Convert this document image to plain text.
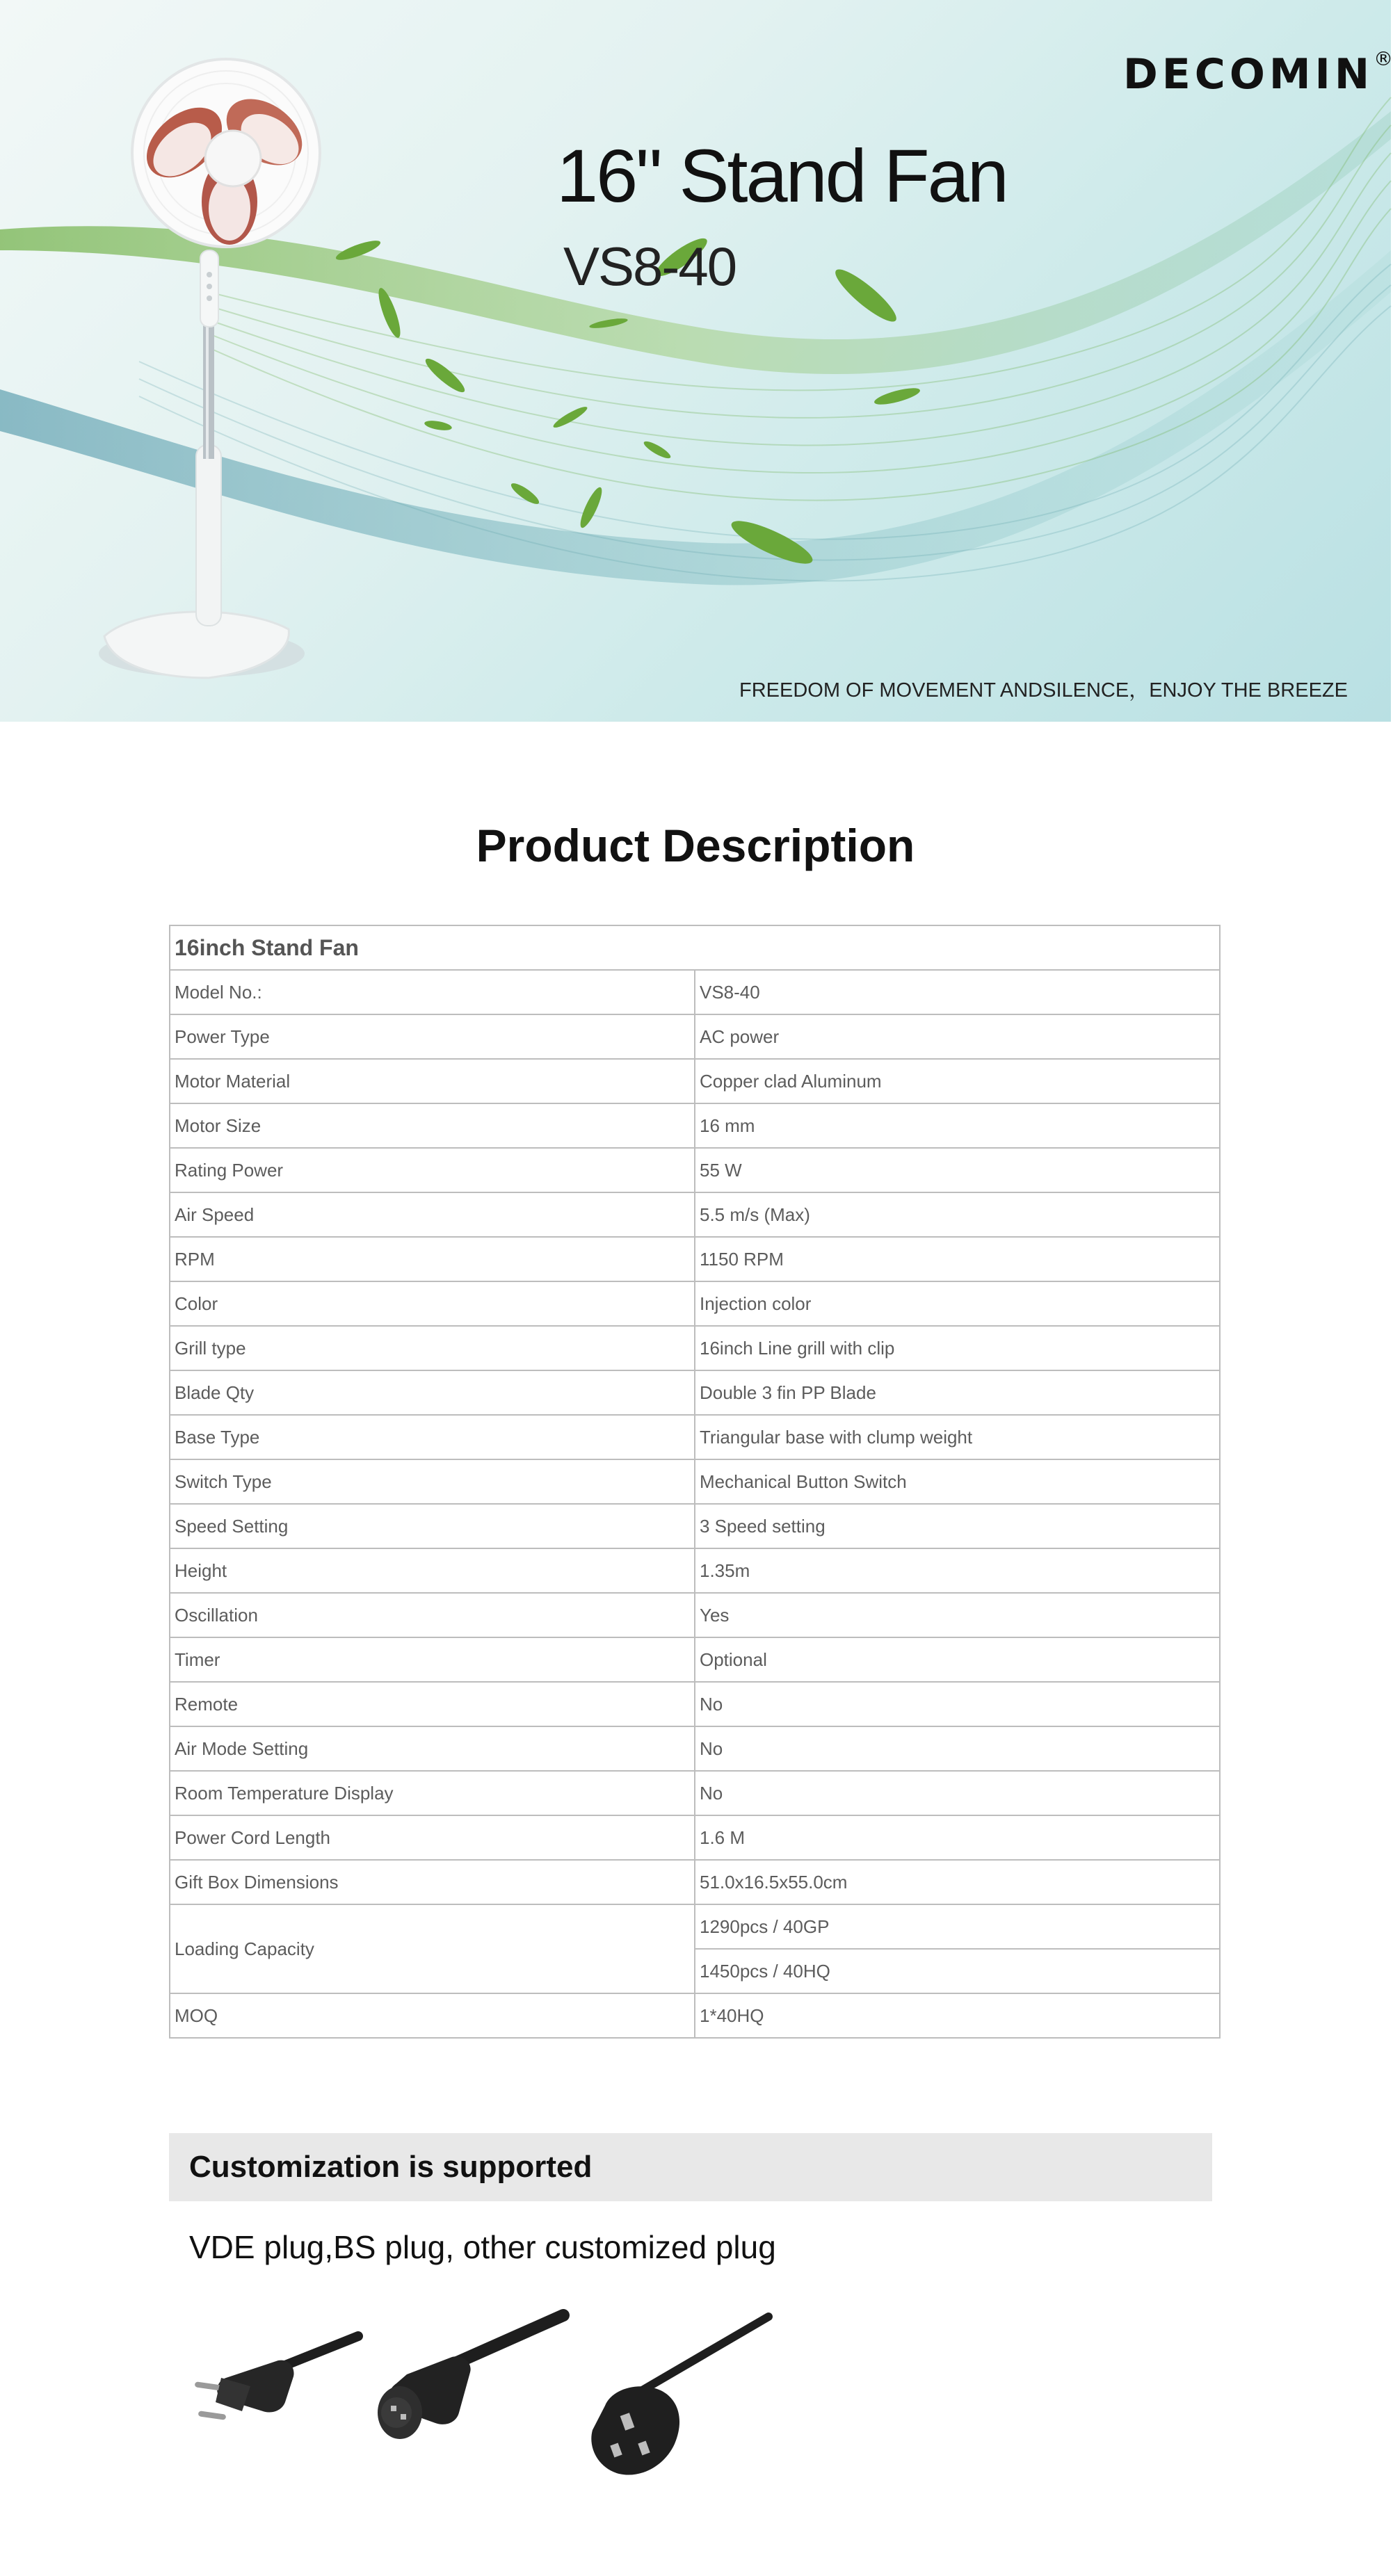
DECOMIN®
16" Stand Fan
VS8-40
FREEDOM OF MOVEMENT ANDSILENCE，ENJOY THE BREEZE
Product Description
16inch Stand Fan	
Model No.:	VS8-40
Power Type	AC power
Motor Material	Copper clad Aluminum
Motor Size	16 mm
Rating Power	55 W
Air Speed	5.5 m/s (Max)
RPM	1150 RPM
Color	Injection color
Grill type	16inch Line grill with clip
Blade Qty	Double 3 fin PP Blade
Base Type	Triangular base with clump weight
Switch Type	Mechanical Button Switch
Speed Setting	3 Speed setting
Height	1.35m
Oscillation	Yes
Timer	Optional
Remote	No
Air Mode Setting	No
Room Temperature Display	No
Power Cord Length	1.6 M
Gift Box Dimensions	51.0x16.5x55.0cm
Loading Capacity	1290pcs / 40GP
	1450pcs / 40HQ
MOQ	1*40HQ
Customization is supported
VDE plug,BS plug, other customized plug
